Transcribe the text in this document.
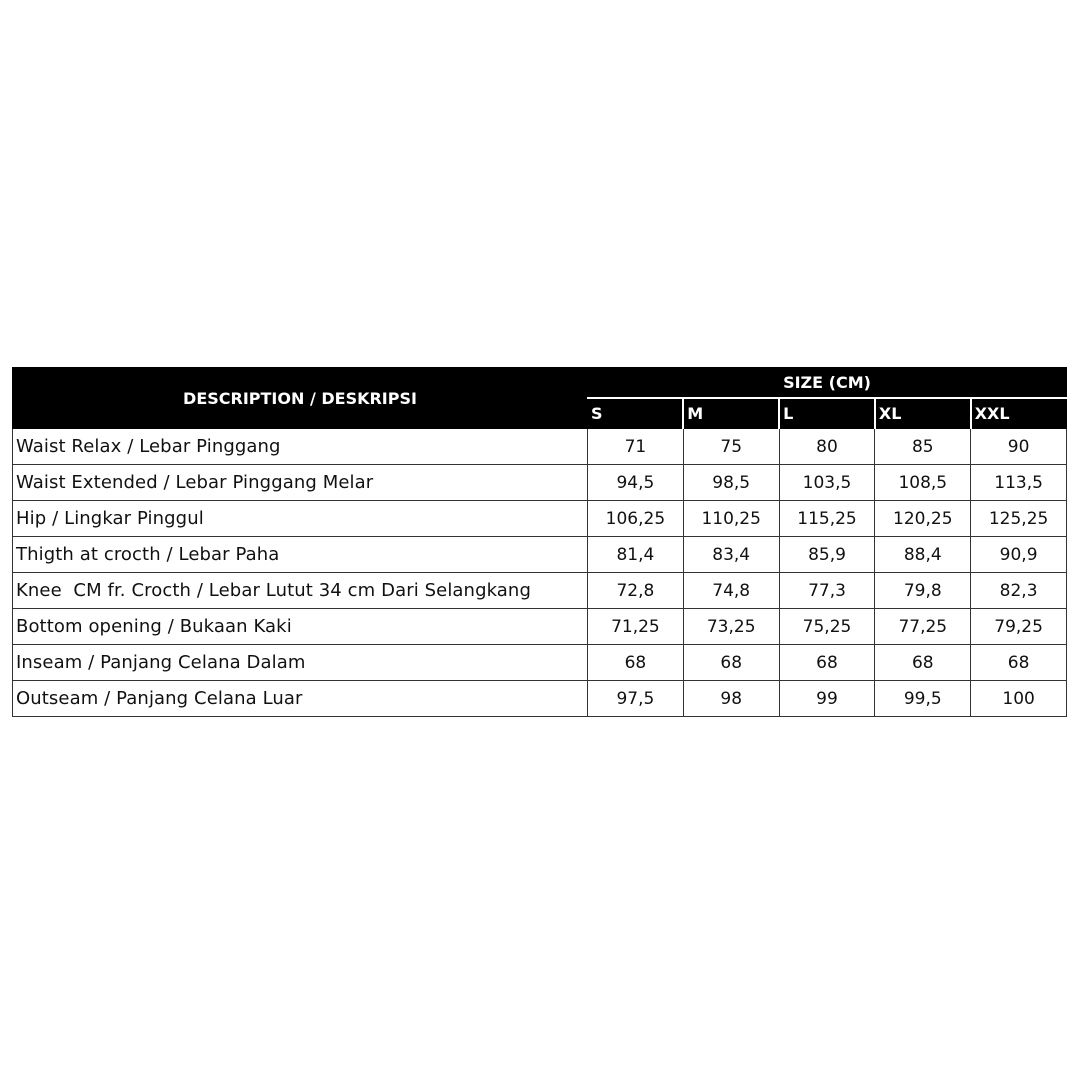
DESCRIPTION / DESKRIPSI	SIZE (CM)				
	S	M	L	XL	XXL
Waist Relax / Lebar Pinggang	71	75	80	85	90
Waist Extended / Lebar Pinggang Melar	94,5	98,5	103,5	108,5	113,5
Hip / Lingkar Pinggul	106,25	110,25	115,25	120,25	125,25
Thigth at crocth / Lebar Paha	81,4	83,4	85,9	88,4	90,9
Knee  CM fr. Crocth / Lebar Lutut 34 cm Dari Selangkang	72,8	74,8	77,3	79,8	82,3
Bottom opening / Bukaan Kaki	71,25	73,25	75,25	77,25	79,25
Inseam / Panjang Celana Dalam	68	68	68	68	68
Outseam / Panjang Celana Luar	97,5	98	99	99,5	100
